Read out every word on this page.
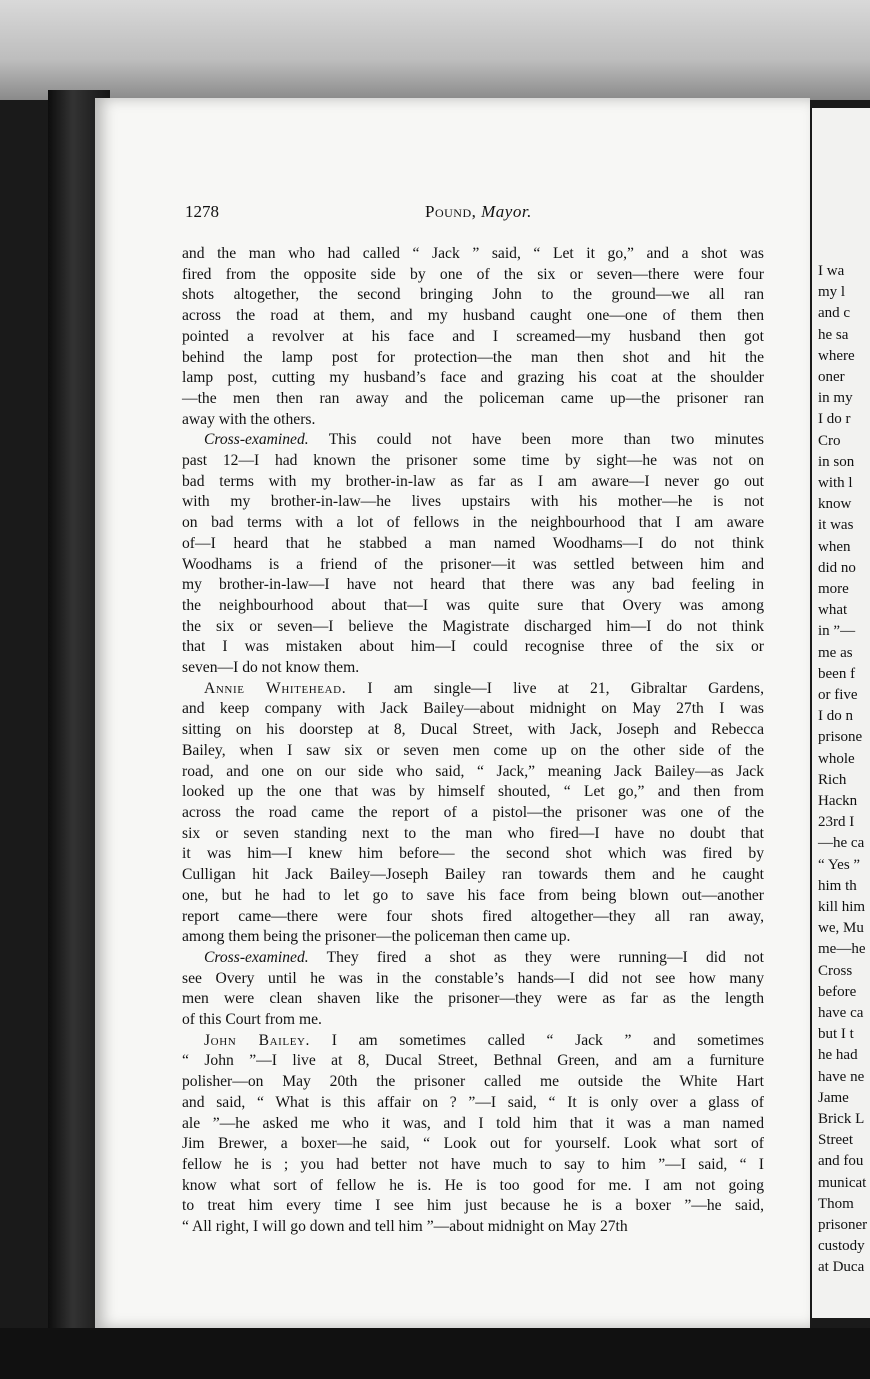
I wa
my l
and c
he sa
where
oner
in my
I do r
Cro
in son
with l
know
it was
when
did no
more
what
in ”—
me as
been f
or five
I do n
prisone
whole
Rich
Hackn
23rd I
—he ca
“ Yes ”
him th
kill him
we, Mu
me—he
Cross
before
have ca
but I t
he had
have ne
Jame
Brick L
Street
and fou
municat
Thom
prisoner
custody
at Duca
1278	Pound, Mayor.
and the man who had called “ Jack ” said, “ Let it go,” and a shot was
fired from the opposite side by one of the six or seven—there were four
shots altogether, the second bringing John to the ground—we all ran
across the road at them, and my husband caught one—one of them then
pointed a revolver at his face and I screamed—my husband then got
behind the lamp post for protection—the man then shot and hit the
lamp post, cutting my husband’s face and grazing his coat at the shoulder
—the men then ran away and the policeman came up—the prisoner ran
away with the others.
Cross-examined. This could not have been more than two minutes
past 12—I had known the prisoner some time by sight—he was not on
bad terms with my brother-in-law as far as I am aware—I never go out
with my brother-in-law—he lives upstairs with his mother—he is not
on bad terms with a lot of fellows in the neighbourhood that I am aware
of—I heard that he stabbed a man named Woodhams—I do not think
Woodhams is a friend of the prisoner—it was settled between him and
my brother-in-law—I have not heard that there was any bad feeling in
the neighbourhood about that—I was quite sure that Overy was among
the six or seven—I believe the Magistrate discharged him—I do not think
that I was mistaken about him—I could recognise three of the six or
seven—I do not know them.
Annie Whitehead. I am single—I live at 21, Gibraltar Gardens,
and keep company with Jack Bailey—about midnight on May 27th I was
sitting on his doorstep at 8, Ducal Street, with Jack, Joseph and Rebecca
Bailey, when I saw six or seven men come up on the other side of the
road, and one on our side who said, “ Jack,” meaning Jack Bailey—as Jack
looked up the one that was by himself shouted, “ Let go,” and then from
across the road came the report of a pistol—the prisoner was one of the
six or seven standing next to the man who fired—I have no doubt that
it was him—I knew him before— the second shot which was fired by
Culligan hit Jack Bailey—Joseph Bailey ran towards them and he caught
one, but he had to let go to save his face from being blown out—another
report came—there were four shots fired altogether—they all ran away,
among them being the prisoner—the policeman then came up.
Cross-examined. They fired a shot as they were running—I did not
see Overy until he was in the constable’s hands—I did not see how many
men were clean shaven like the prisoner—they were as far as the length
of this Court from me.
John Bailey. I am sometimes called “ Jack ” and sometimes
“ John ”—I live at 8, Ducal Street, Bethnal Green, and am a furniture
polisher—on May 20th the prisoner called me outside the White Hart
and said, “ What is this affair on ? ”—I said, “ It is only over a glass of
ale ”—he asked me who it was, and I told him that it was a man named
Jim Brewer, a boxer—he said, “ Look out for yourself. Look what sort of
fellow he is ; you had better not have much to say to him ”—I said, “ I
know what sort of fellow he is. He is too good for me. I am not going
to treat him every time I see him just because he is a boxer ”—he said,
“ All right, I will go down and tell him ”—about midnight on May 27th
